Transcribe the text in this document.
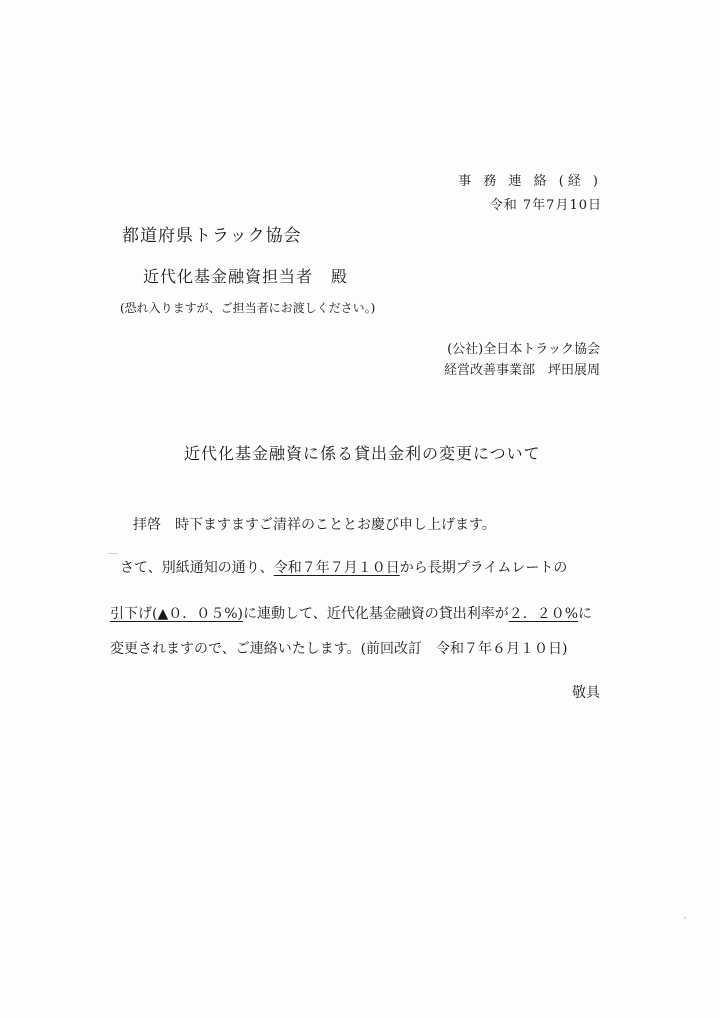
事 務 連 絡 (経 )
令和 7年7月10日
都道府県トラック協会
近代化基金融資担当者 殿
(恐れ入りますが、ご担当者にお渡しください。)
(公社)全日本トラック協会
経営改善事業部　坪田展周
近代化基金融資に係る貸出金利の変更について
拝啓 時下ますますご清祥のこととお慶び申し上げます。
さて、別紙通知の通り、令和７年７月１０日から長期プライムレートの
引下げ(▲０．０５%)に連動して、近代化基金融資の貸出利率が２．２０%に
変更されますので、ご連絡いたします。(前回改訂　令和７年６月１０日)
敬具
